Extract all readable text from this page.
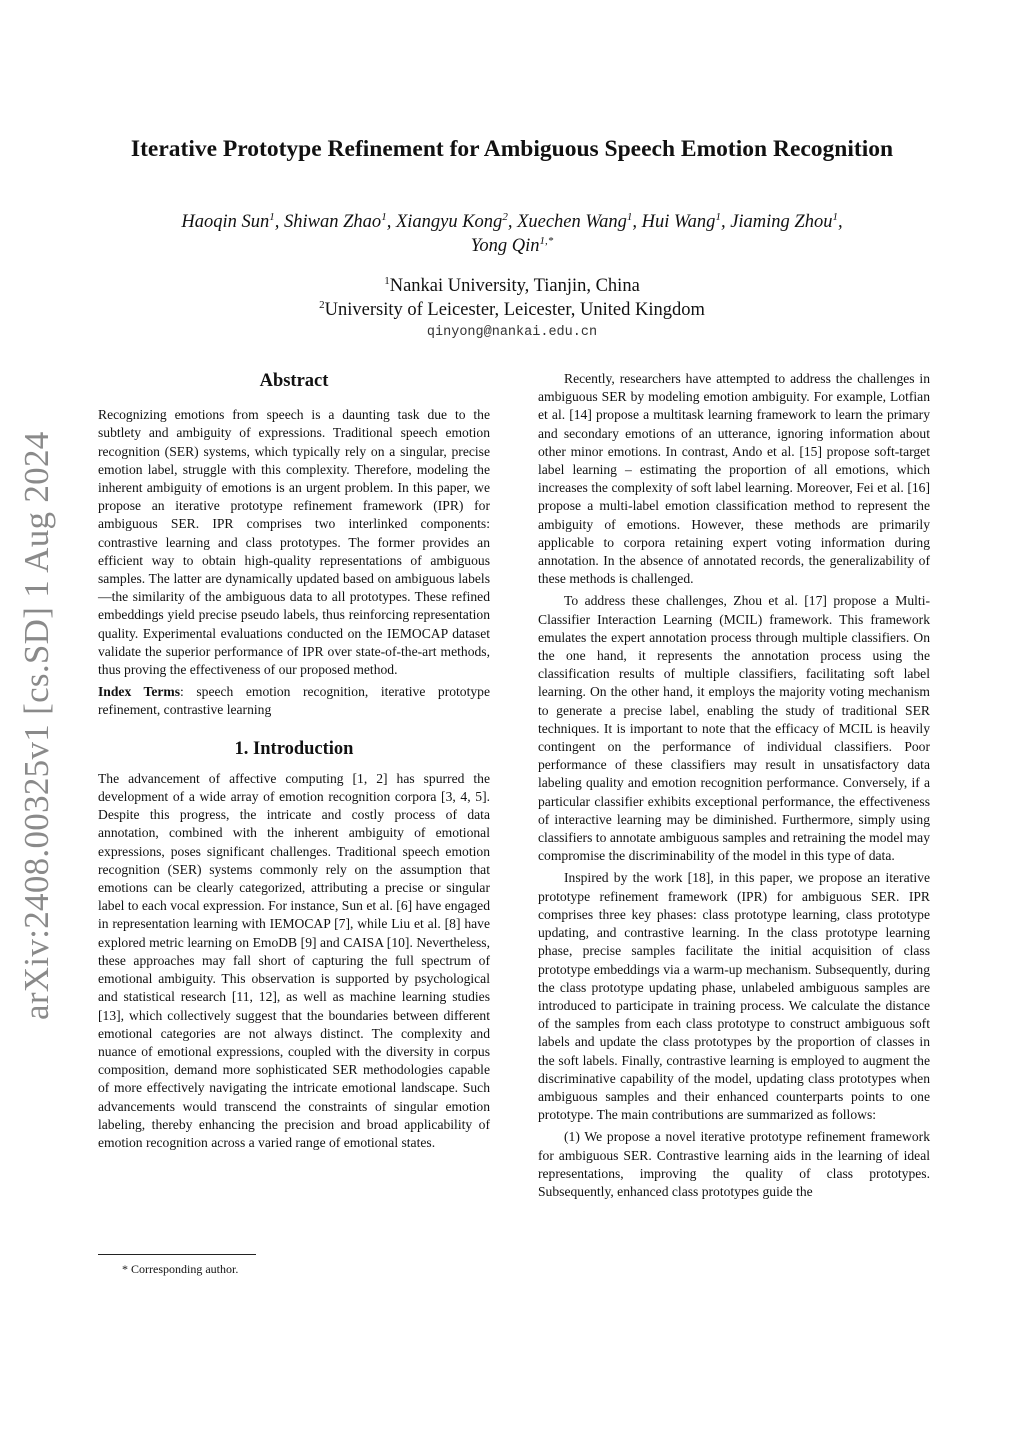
arXiv:2408.00325v1 [cs.SD] 1 Aug 2024
Iterative Prototype Refinement for Ambiguous Speech Emotion Recognition
Haoqin Sun$^1$, Shiwan Zhao$^1$, Xiangyu Kong$^2$, Xuechen Wang$^1$, Hui Wang$^1$, Jiaming Zhou$^1$,
Yong Qin$^{1,*}$
$^1$Nankai University, Tianjin, China
$^2$University of Leicester, Leicester, United Kingdom
qinyong@nankai.edu.cn
Abstract

Recognizing emotions from speech is a daunting task due to the subtlety and ambiguity of expressions. Traditional speech emotion recognition (SER) systems, which typically rely on a singular, precise emotion label, struggle with this complexity. Therefore, modeling the inherent ambiguity of emotions is an urgent problem. In this paper, we propose an iterative prototype refinement framework (IPR) for ambiguous SER. IPR comprises two interlinked components: contrastive learning and class prototypes. The former provides an efficient way to obtain high-quality representations of ambiguous samples. The latter are dynamically updated based on ambiguous labels—the similarity of the ambiguous data to all prototypes. These refined embeddings yield precise pseudo labels, thus reinforcing representation quality. Experimental evaluations conducted on the IEMOCAP dataset validate the superior performance of IPR over state-of-the-art methods, thus proving the effectiveness of our proposed method.

Index Terms: speech emotion recognition, iterative prototype refinement, contrastive learning

1. Introduction

The advancement of affective computing [1, 2] has spurred the development of a wide array of emotion recognition corpora [3, 4, 5]. Despite this progress, the intricate and costly process of data annotation, combined with the inherent ambiguity of emotional expressions, poses significant challenges. Traditional speech emotion recognition (SER) systems commonly rely on the assumption that emotions can be clearly categorized, attributing a precise or singular label to each vocal expression. For instance, Sun et al. [6] have engaged in representation learning with IEMOCAP [7], while Liu et al. [8] have explored metric learning on EmoDB [9] and CAISA [10]. Nevertheless, these approaches may fall short of capturing the full spectrum of emotional ambiguity. This observation is supported by psychological and statistical research [11, 12], as well as machine learning studies [13], which collectively suggest that the boundaries between different emotional categories are not always distinct. The complexity and nuance of emotional expressions, coupled with the diversity in corpus composition, demand more sophisticated SER methodologies capable of more effectively navigating the intricate emotional landscape. Such advancements would transcend the constraints of singular emotion labeling, thereby enhancing the precision and broad applicability of emotion recognition across a varied range of emotional states.

* Corresponding author.

Recently, researchers have attempted to address the challenges in ambiguous SER by modeling emotion ambiguity. For example, Lotfian et al. [14] propose a multitask learning framework to learn the primary and secondary emotions of an utterance, ignoring information about other minor emotions. In contrast, Ando et al. [15] propose soft-target label learning – estimating the proportion of all emotions, which increases the complexity of soft label learning. Moreover, Fei et al. [16] propose a multi-label emotion classification method to represent the ambiguity of emotions. However, these methods are primarily applicable to corpora retaining expert voting information during annotation. In the absence of annotated records, the generalizability of these methods is challenged.

To address these challenges, Zhou et al. [17] propose a Multi-Classifier Interaction Learning (MCIL) framework. This framework emulates the expert annotation process through multiple classifiers. On the one hand, it represents the annotation process using the classification results of multiple classifiers, facilitating soft label learning. On the other hand, it employs the majority voting mechanism to generate a precise label, enabling the study of traditional SER techniques. It is important to note that the efficacy of MCIL is heavily contingent on the performance of individual classifiers. Poor performance of these classifiers may result in unsatisfactory data labeling quality and emotion recognition performance. Conversely, if a particular classifier exhibits exceptional performance, the effectiveness of interactive learning may be diminished. Furthermore, simply using classifiers to annotate ambiguous samples and retraining the model may compromise the discriminability of the model in this type of data.

Inspired by the work [18], in this paper, we propose an iterative prototype refinement framework (IPR) for ambiguous SER. IPR comprises three key phases: class prototype learning, class prototype updating, and contrastive learning. In the class prototype learning phase, precise samples facilitate the initial acquisition of class prototype embeddings via a warm-up mechanism. Subsequently, during the class prototype updating phase, unlabeled ambiguous samples are introduced to participate in training process. We calculate the distance of the samples from each class prototype to construct ambiguous soft labels and update the class prototypes by the proportion of classes in the soft labels. Finally, contrastive learning is employed to augment the discriminative capability of the model, updating class prototypes when ambiguous samples and their enhanced counterparts points to one prototype. The main contributions are summarized as follows:

(1) We propose a novel iterative prototype refinement framework for ambiguous SER. Contrastive learning aids in the learning of ideal representations, improving the quality of class prototypes. Subsequently, enhanced class prototypes guide the
